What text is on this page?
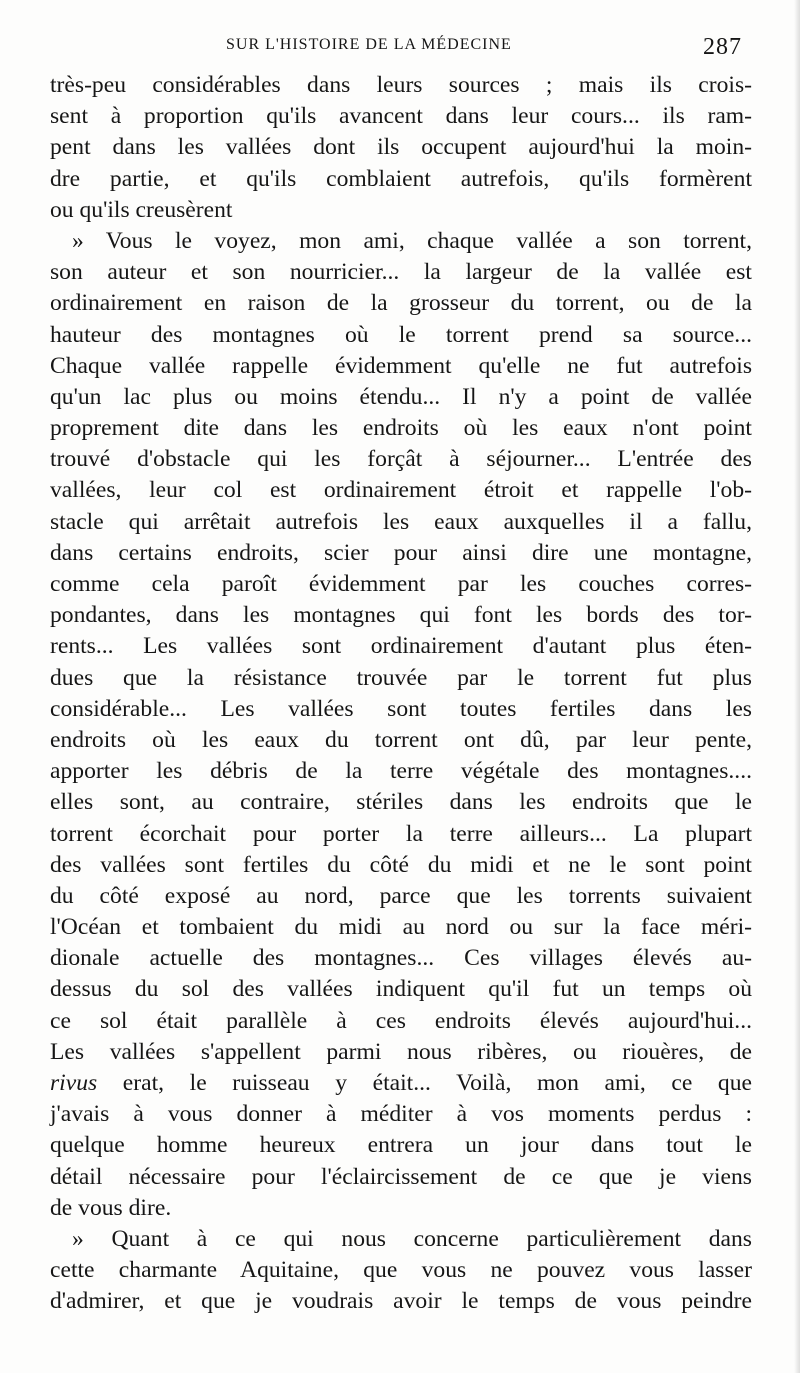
SUR L'HISTOIRE DE LA MÉDECINE	287
très-peu considérables dans leurs sources ; mais ils crois-
sent à proportion qu'ils avancent dans leur cours... ils ram-
pent dans les vallées dont ils occupent aujourd'hui la moin-
dre partie, et qu'ils comblaient autrefois, qu'ils formèrent
ou qu'ils creusèrent
» Vous le voyez, mon ami, chaque vallée a son torrent,
son auteur et son nourricier... la largeur de la vallée est
ordinairement en raison de la grosseur du torrent, ou de la
hauteur des montagnes où le torrent prend sa source...
Chaque vallée rappelle évidemment qu'elle ne fut autrefois
qu'un lac plus ou moins étendu... Il n'y a point de vallée
proprement dite dans les endroits où les eaux n'ont point
trouvé d'obstacle qui les forçât à séjourner... L'entrée des
vallées, leur col est ordinairement étroit et rappelle l'ob-
stacle qui arrêtait autrefois les eaux auxquelles il a fallu,
dans certains endroits, scier pour ainsi dire une montagne,
comme cela paroît évidemment par les couches corres-
pondantes, dans les montagnes qui font les bords des tor-
rents... Les vallées sont ordinairement d'autant plus éten-
dues que la résistance trouvée par le torrent fut plus
considérable... Les vallées sont toutes fertiles dans les
endroits où les eaux du torrent ont dû, par leur pente,
apporter les débris de la terre végétale des montagnes....
elles sont, au contraire, stériles dans les endroits que le
torrent écorchait pour porter la terre ailleurs... La plupart
des vallées sont fertiles du côté du midi et ne le sont point
du côté exposé au nord, parce que les torrents suivaient
l'Océan et tombaient du midi au nord ou sur la face méri-
dionale actuelle des montagnes... Ces villages élevés au-
dessus du sol des vallées indiquent qu'il fut un temps où
ce sol était parallèle à ces endroits élevés aujourd'hui...
Les vallées s'appellent parmi nous ribères, ou riouères, de
rivus erat, le ruisseau y était... Voilà, mon ami, ce que
j'avais à vous donner à méditer à vos moments perdus :
quelque homme heureux entrera un jour dans tout le
détail nécessaire pour l'éclaircissement de ce que je viens
de vous dire.
» Quant à ce qui nous concerne particulièrement dans
cette charmante Aquitaine, que vous ne pouvez vous lasser
d'admirer, et que je voudrais avoir le temps de vous peindre
